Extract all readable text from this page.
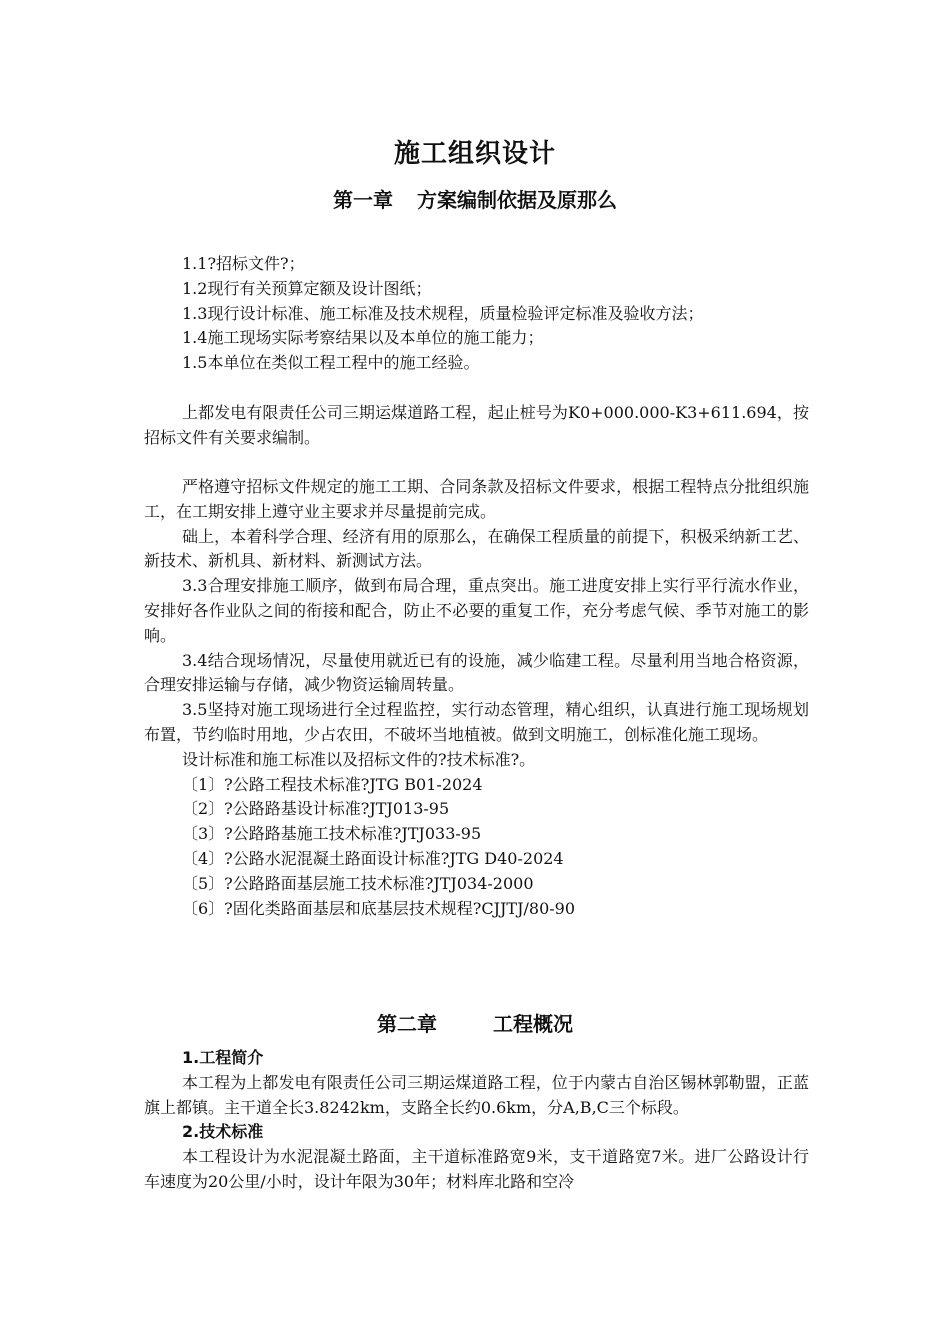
施工组织设计
第一章 方案编制依据及原那么

1.1?招标文件?；

1.2现行有关预算定额及设计图纸；

1.3现行设计标准、施工标准及技术规程，质量检验评定标准及验收方法；

1.4施工现场实际考察结果以及本单位的施工能力；

1.5本单位在类似工程工程中的施工经验。

上都发电有限责任公司三期运煤道路工程，起止桩号为K0+000.000-K3+611.694，按招标文件有关要求编制。

严格遵守招标文件规定的施工工期、合同条款及招标文件要求，根据工程特点分批组织施工，在工期安排上遵守业主要求并尽量提前完成。

础上，本着科学合理、经济有用的原那么，在确保工程质量的前提下，积极采纳新工艺、新技术、新机具、新材料、新测试方法。

3.3合理安排施工顺序，做到布局合理，重点突出。施工进度安排上实行平行流水作业，安排好各作业队之间的衔接和配合，防止不必要的重复工作，充分考虑气候、季节对施工的影响。

3.4结合现场情况，尽量使用就近已有的设施，减少临建工程。尽量利用当地合格资源，合理安排运输与存储，减少物资运输周转量。

3.5坚持对施工现场进行全过程监控，实行动态管理，精心组织，认真进行施工现场规划布置，节约临时用地，少占农田，不破坏当地植被。做到文明施工，创标准化施工现场。

设计标准和施工标准以及招标文件的?技术标准?。

〔1〕?公路工程技术标准?JTG B01-2024

〔2〕?公路路基设计标准?JTJ013-95

〔3〕?公路路基施工技术标准?JTJ033-95

〔4〕?公路水泥混凝土路面设计标准?JTG D40-2024

〔5〕?公路路面基层施工技术标准?JTJ034-2000

〔6〕?固化类路面基层和底基层技术规程?CJJTJ/80-90

第二章	工程概况

1.工程简介

本工程为上都发电有限责任公司三期运煤道路工程，位于内蒙古自治区锡林郭勒盟，正蓝旗上都镇。主干道全长3.8242km，支路全长约0.6km，分A,B,C三个标段。

2.技术标准

本工程设计为水泥混凝土路面，主干道标准路宽9米，支干道路宽7米。进厂公路设计行车速度为20公里/小时，设计年限为30年；材料库北路和空冷
